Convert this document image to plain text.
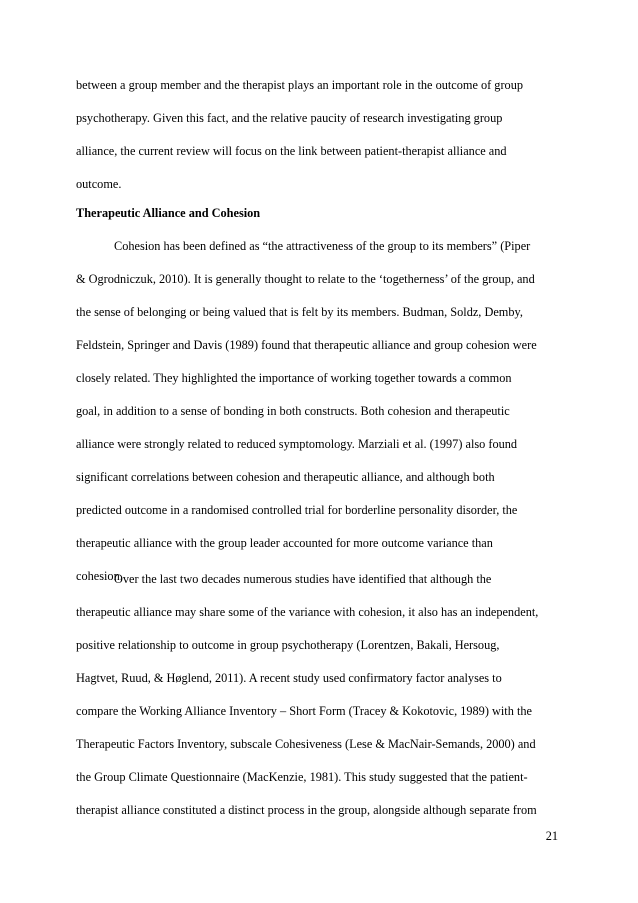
between a group member and the therapist plays an important role in the outcome of group
psychotherapy. Given this fact, and the relative paucity of research investigating group
alliance, the current review will focus on the link between patient-therapist alliance and
outcome.
Therapeutic Alliance and Cohesion
Cohesion has been defined as “the attractiveness of the group to its members” (Piper
& Ogrodniczuk, 2010). It is generally thought to relate to the ‘togetherness’ of the group, and
the sense of belonging or being valued that is felt by its members. Budman, Soldz, Demby,
Feldstein, Springer and Davis (1989) found that therapeutic alliance and group cohesion were
closely related. They highlighted the importance of working together towards a common
goal, in addition to a sense of bonding in both constructs. Both cohesion and therapeutic
alliance were strongly related to reduced symptomology. Marziali et al. (1997) also found
significant correlations between cohesion and therapeutic alliance, and although both
predicted outcome in a randomised controlled trial for borderline personality disorder, the
therapeutic alliance with the group leader accounted for more outcome variance than
cohesion.
Over the last two decades numerous studies have identified that although the
therapeutic alliance may share some of the variance with cohesion, it also has an independent,
positive relationship to outcome in group psychotherapy (Lorentzen, Bakali, Hersoug,
Hagtvet, Ruud, & Høglend, 2011). A recent study used confirmatory factor analyses to
compare the Working Alliance Inventory – Short Form (Tracey & Kokotovic, 1989) with the
Therapeutic Factors Inventory, subscale Cohesiveness (Lese & MacNair-Semands, 2000) and
the Group Climate Questionnaire (MacKenzie, 1981). This study suggested that the patient-
therapist alliance constituted a distinct process in the group, alongside although separate from
21
